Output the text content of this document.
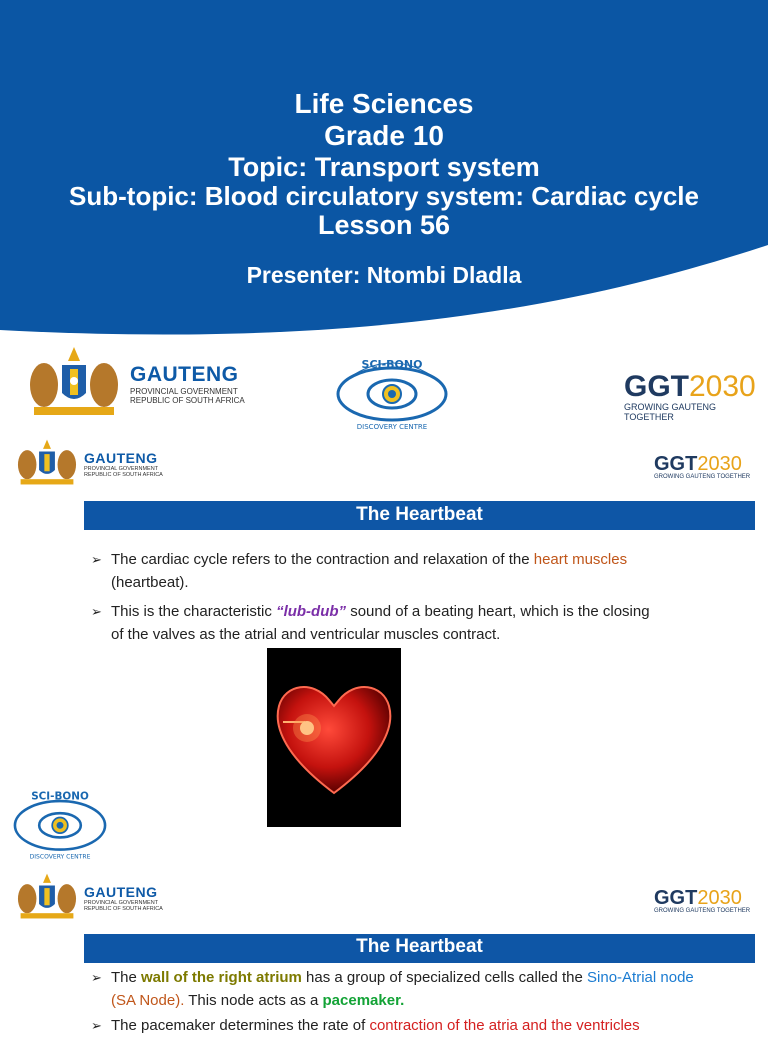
Life Sciences
Grade 10
Topic: Transport system
Sub-topic: Blood circulatory system: Cardiac cycle
Lesson 56
Presenter: Ntombi Dladla
GAUTENG
PROVINCIAL GOVERNMENT
REPUBLIC OF SOUTH AFRICA
SCI-BONO
DISCOVERY CENTRE
GGT2030
GROWING GAUTENG TOGETHER
GAUTENG
PROVINCIAL GOVERNMENT
REPUBLIC OF SOUTH AFRICA	GGT2030
GROWING GAUTENG TOGETHER
The Heartbeat
➢ The cardiac cycle refers to the contraction and relaxation of the heart muscles
(heartbeat).
➢ This is the characteristic “lub-dub” sound of a beating heart, which is the closing
of the valves as the atrial and ventricular muscles contract.
SCI-BONO
DISCOVERY CENTRE
GAUTENG
PROVINCIAL GOVERNMENT
REPUBLIC OF SOUTH AFRICA	GGT2030
GROWING GAUTENG TOGETHER
The Heartbeat
➢ The wall of the right atrium has a group of specialized cells called the Sino-Atrial node
(SA Node). This node acts as a pacemaker.
➢ The pacemaker determines the rate of contraction of the atria and the ventricles
